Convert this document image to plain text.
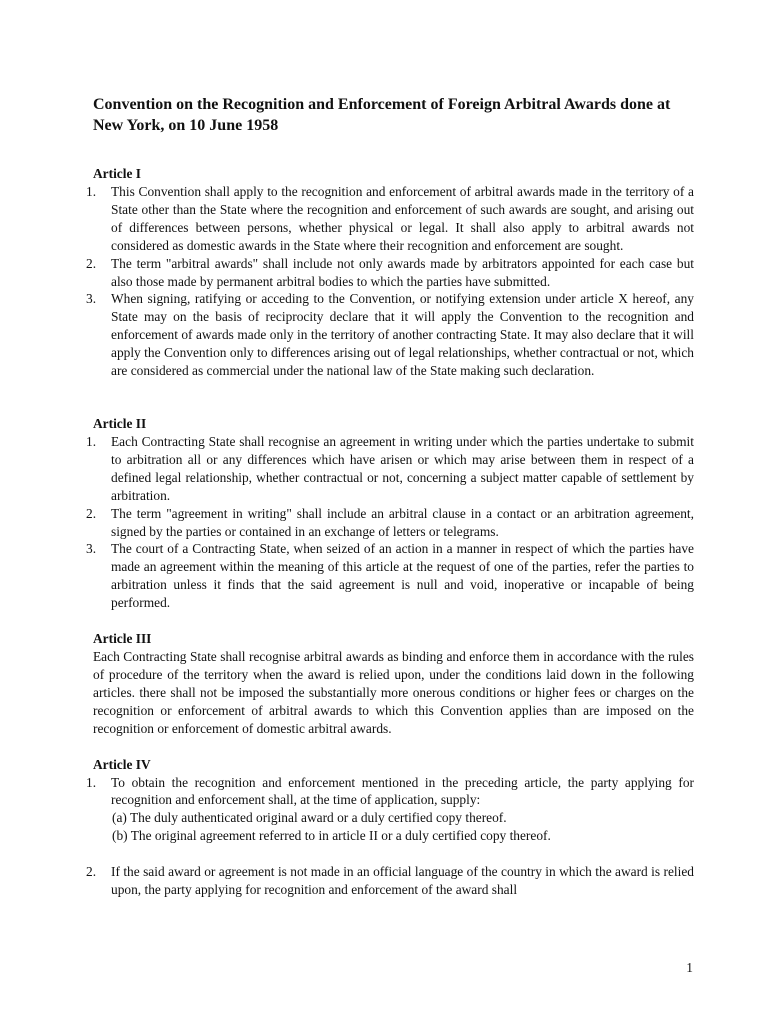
Convention on the Recognition and Enforcement of Foreign Arbitral Awards done at New York, on 10 June 1958
Article I
1. This Convention shall apply to the recognition and enforcement of arbitral awards made in the territory of a State other than the State where the recognition and enforcement of such awards are sought, and arising out of differences between persons, whether physical or legal. It shall also apply to arbitral awards not considered as domestic awards in the State where their recognition and enforcement are sought.
2. The term "arbitral awards" shall include not only awards made by arbitrators appointed for each case but also those made by permanent arbitral bodies to which the parties have submitted.
3. When signing, ratifying or acceding to the Convention, or notifying extension under article X hereof, any State may on the basis of reciprocity declare that it will apply the Convention to the recognition and enforcement of awards made only in the territory of another contracting State. It may also declare that it will apply the Convention only to differences arising out of legal relationships, whether contractual or not, which are considered as commercial under the national law of the State making such declaration.
Article II
1. Each Contracting State shall recognise an agreement in writing under which the parties undertake to submit to arbitration all or any differences which have arisen or which may arise between them in respect of a defined legal relationship, whether contractual or not, concerning a subject matter capable of settlement by arbitration.
2. The term "agreement in writing" shall include an arbitral clause in a contact or an arbitration agreement, signed by the parties or contained in an exchange of letters or telegrams.
3. The court of a Contracting State, when seized of an action in a manner in respect of which the parties have made an agreement within the meaning of this article at the request of one of the parties, refer the parties to arbitration unless it finds that the said agreement is null and void, inoperative or incapable of being performed.
Article III
Each Contracting State shall recognise arbitral awards as binding and enforce them in accordance with the rules of procedure of the territory when the award is relied upon, under the conditions laid down in the following articles. there shall not be imposed the substantially more onerous conditions or higher fees or charges on the recognition or enforcement of arbitral awards to which this Convention applies than are imposed on the recognition or enforcement of domestic arbitral awards.
Article IV
1. To obtain the recognition and enforcement mentioned in the preceding article, the party applying for recognition and enforcement shall, at the time of application, supply:
(a) The duly authenticated original award or a duly certified copy thereof.
(b) The original agreement referred to in article II or a duly certified copy thereof.
2. If the said award or agreement is not made in an official language of the country in which the award is relied upon, the party applying for recognition and enforcement of the award shall
1
